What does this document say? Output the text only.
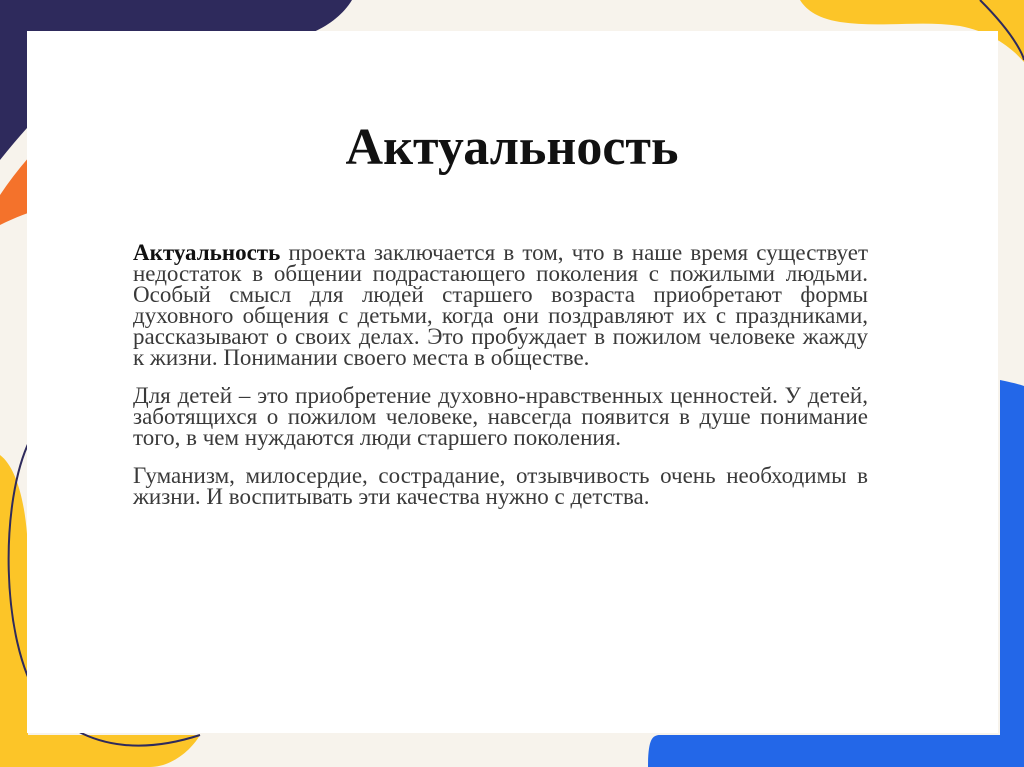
Актуальность

Актуальность проекта заключается в том, что в наше время существует недостаток в общении подрастающего поколения с пожилыми людьми. Особый смысл для людей старшего возраста приобретают формы духовного общения с детьми, когда они поздравляют их с праздниками, рассказывают о своих делах. Это пробуждает в пожилом человеке жажду к жизни. Понимании своего места в обществе.

Для детей – это приобретение духовно-нравственных ценностей. У детей, заботящихся о пожилом человеке, навсегда появится в душе понимание того, в чем нуждаются люди старшего поколения.

Гуманизм, милосердие, сострадание, отзывчивость очень необходимы в жизни. И воспитывать эти качества нужно с детства.
